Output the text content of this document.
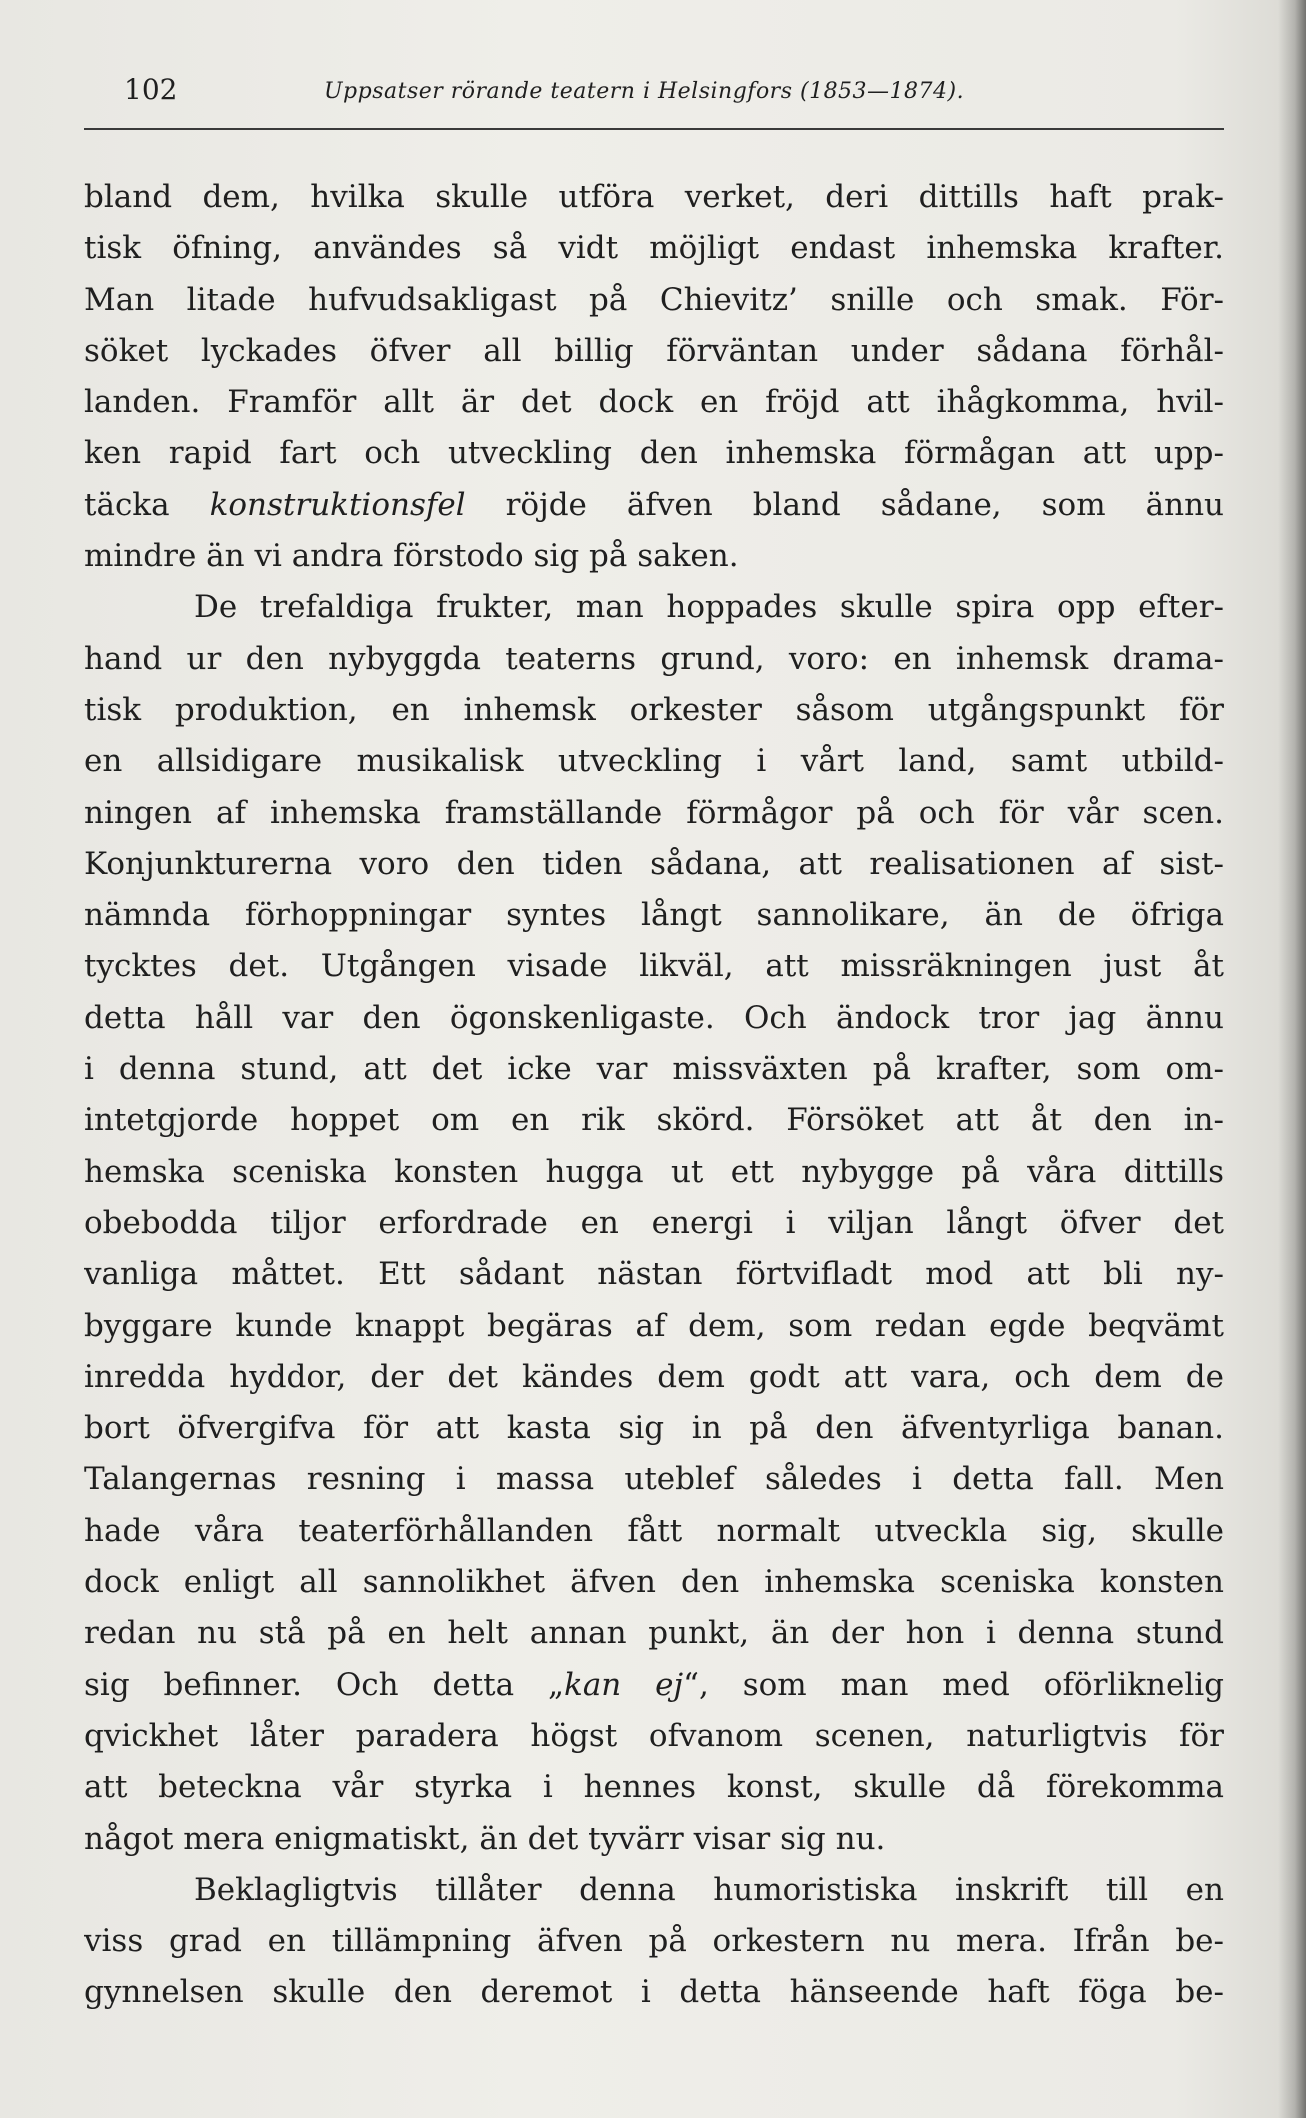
102	Uppsatser rörande teatern i Helsingfors (1853—1874).
bland dem, hvilka skulle utföra verket, deri dittills haft prak-
tisk öfning, användes så vidt möjligt endast inhemska krafter.
Man litade hufvudsakligast på Chievitz’ snille och smak. För-
söket lyckades öfver all billig förväntan under sådana förhål-
landen. Framför allt är det dock en fröjd att ihågkomma, hvil-
ken rapid fart och utveckling den inhemska förmågan att upp-
täcka konstruktionsfel röjde äfven bland sådane, som ännu
mindre än vi andra förstodo sig på saken.
De trefaldiga frukter, man hoppades skulle spira opp efter-
hand ur den nybyggda teaterns grund, voro: en inhemsk drama-
tisk produktion, en inhemsk orkester såsom utgångspunkt för
en allsidigare musikalisk utveckling i vårt land, samt utbild-
ningen af inhemska framställande förmågor på och för vår scen.
Konjunkturerna voro den tiden sådana, att realisationen af sist-
nämnda förhoppningar syntes långt sannolikare, än de öfriga
tycktes det. Utgången visade likväl, att missräkningen just åt
detta håll var den ögonskenligaste. Och ändock tror jag ännu
i denna stund, att det icke var missväxten på krafter, som om-
intetgjorde hoppet om en rik skörd. Försöket att åt den in-
hemska sceniska konsten hugga ut ett nybygge på våra dittills
obebodda tiljor erfordrade en energi i viljan långt öfver det
vanliga måttet. Ett sådant nästan förtvifladt mod att bli ny-
byggare kunde knappt begäras af dem, som redan egde beqvämt
inredda hyddor, der det kändes dem godt att vara, och dem de
bort öfvergifva för att kasta sig in på den äfventyrliga banan.
Talangernas resning i massa uteblef således i detta fall. Men
hade våra teaterförhållanden fått normalt utveckla sig, skulle
dock enligt all sannolikhet äfven den inhemska sceniska konsten
redan nu stå på en helt annan punkt, än der hon i denna stund
sig befinner. Och detta „kan ej“, som man med oförliknelig
qvickhet låter paradera högst ofvanom scenen, naturligtvis för
att beteckna vår styrka i hennes konst, skulle då förekomma
något mera enigmatiskt, än det tyvärr visar sig nu.
Beklagligtvis tillåter denna humoristiska inskrift till en
viss grad en tillämpning äfven på orkestern nu mera. Ifrån be-
gynnelsen skulle den deremot i detta hänseende haft föga be-
